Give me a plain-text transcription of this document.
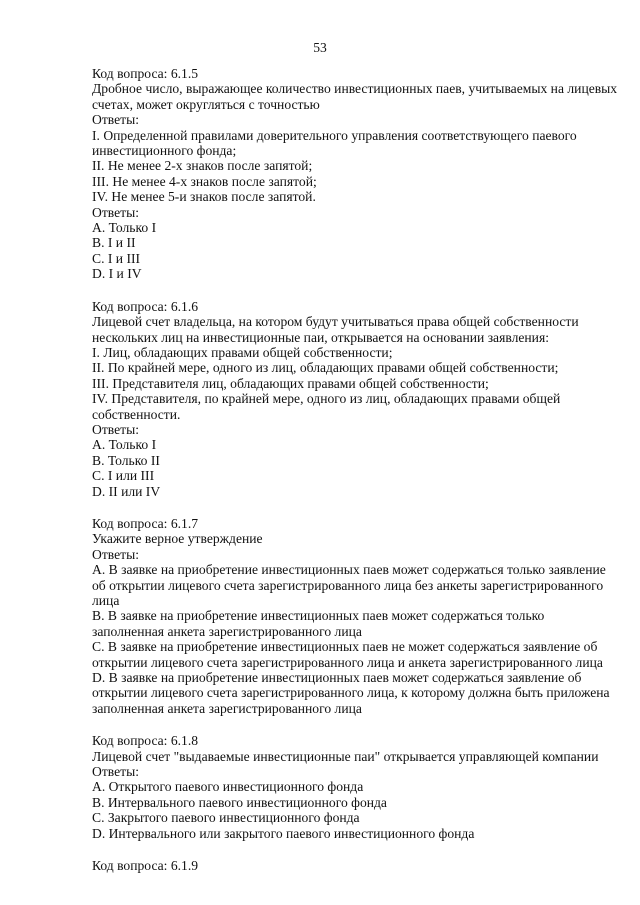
53
Код вопроса: 6.1.5
Дробное число, выражающее количество инвестиционных паев, учитываемых на лицевых
счетах, может округляться с точностью
Ответы:
I. Определенной правилами доверительного управления соответствующего паевого
инвестиционного фонда;
II. Не менее 2-х знаков после запятой;
III. Не менее 4-х знаков после запятой;
IV. Не менее 5-и знаков после запятой.
Ответы:
A. Только I
B. I и II
C. I и III
D. I и IV
Код вопроса: 6.1.6
Лицевой счет владельца, на котором будут учитываться права общей собственности
нескольких лиц на инвестиционные паи, открывается на основании заявления:
I. Лиц, обладающих правами общей собственности;
II. По крайней мере, одного из лиц, обладающих правами общей собственности;
III. Представителя лиц, обладающих правами общей собственности;
IV. Представителя, по крайней мере, одного из лиц, обладающих правами общей
собственности.
Ответы:
A. Только I
B. Только II
C. I или III
D. II или IV
Код вопроса: 6.1.7
Укажите верное утверждение
Ответы:
A. В заявке на приобретение инвестиционных паев может содержаться только заявление
об открытии лицевого счета зарегистрированного лица без анкеты зарегистрированного
лица
B. В заявке на приобретение инвестиционных паев может содержаться только
заполненная анкета зарегистрированного лица
C. В заявке на приобретение инвестиционных паев не может содержаться заявление об
открытии лицевого счета зарегистрированного лица и анкета зарегистрированного лица
D. В заявке на приобретение инвестиционных паев может содержаться заявление об
открытии лицевого счета зарегистрированного лица, к которому должна быть приложена
заполненная анкета зарегистрированного лица
Код вопроса: 6.1.8
Лицевой счет "выдаваемые инвестиционные паи" открывается управляющей компании
Ответы:
A. Открытого паевого инвестиционного фонда
B. Интервального паевого инвестиционного фонда
C. Закрытого паевого инвестиционного фонда
D. Интервального или закрытого паевого инвестиционного фонда
Код вопроса: 6.1.9
